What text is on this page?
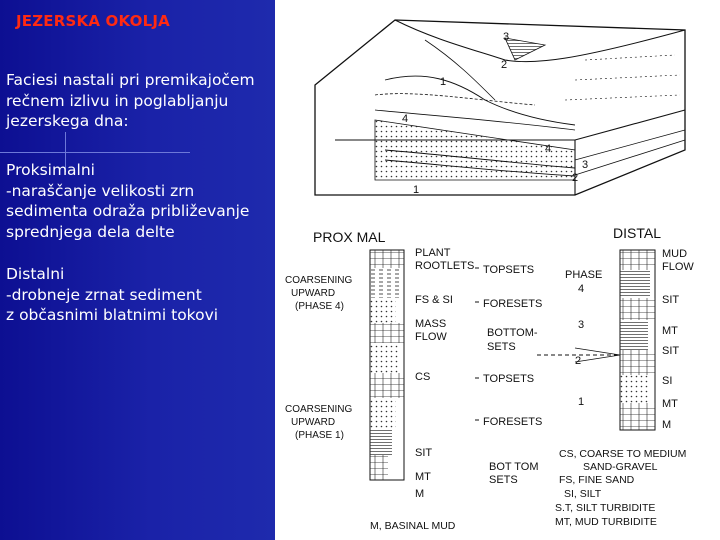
JEZERSKA OKOLJA
Faciesi nastali pri premikajočem
rečnem izlivu in poglabljanju
jezerskega dna:
Proksimalni
-naraščanje velikosti zrn
sedimenta odraža približevanje
sprednjega dela delte
Distalni
-drobneje zrnat sediment
z občasnimi blatnimi tokovi
3
2
1
4
4
3
2
1
PROX MAL
PLANT
ROOTLETS
COARSENING UPWARD (PHASE 4)
FS & SI
MASS
FLOW
CS
COARSENING UPWARD (PHASE 1)
SIT
MT
M
TOPSETS
FORESETS
BOTTOM-
SETS
TOPSETS
FORESETS
BOT TOM
SETS
DISTAL
PHASE
4
3
2
1
MUD
FLOW
SIT
MT
SIT
SI
MT
M
CS, COARSE TO MEDIUM
SAND-GRAVEL
FS, FINE SAND
SI, SILT
S.T, SILT TURBIDITE
MT, MUD TURBIDITE
M, BASINAL MUD
